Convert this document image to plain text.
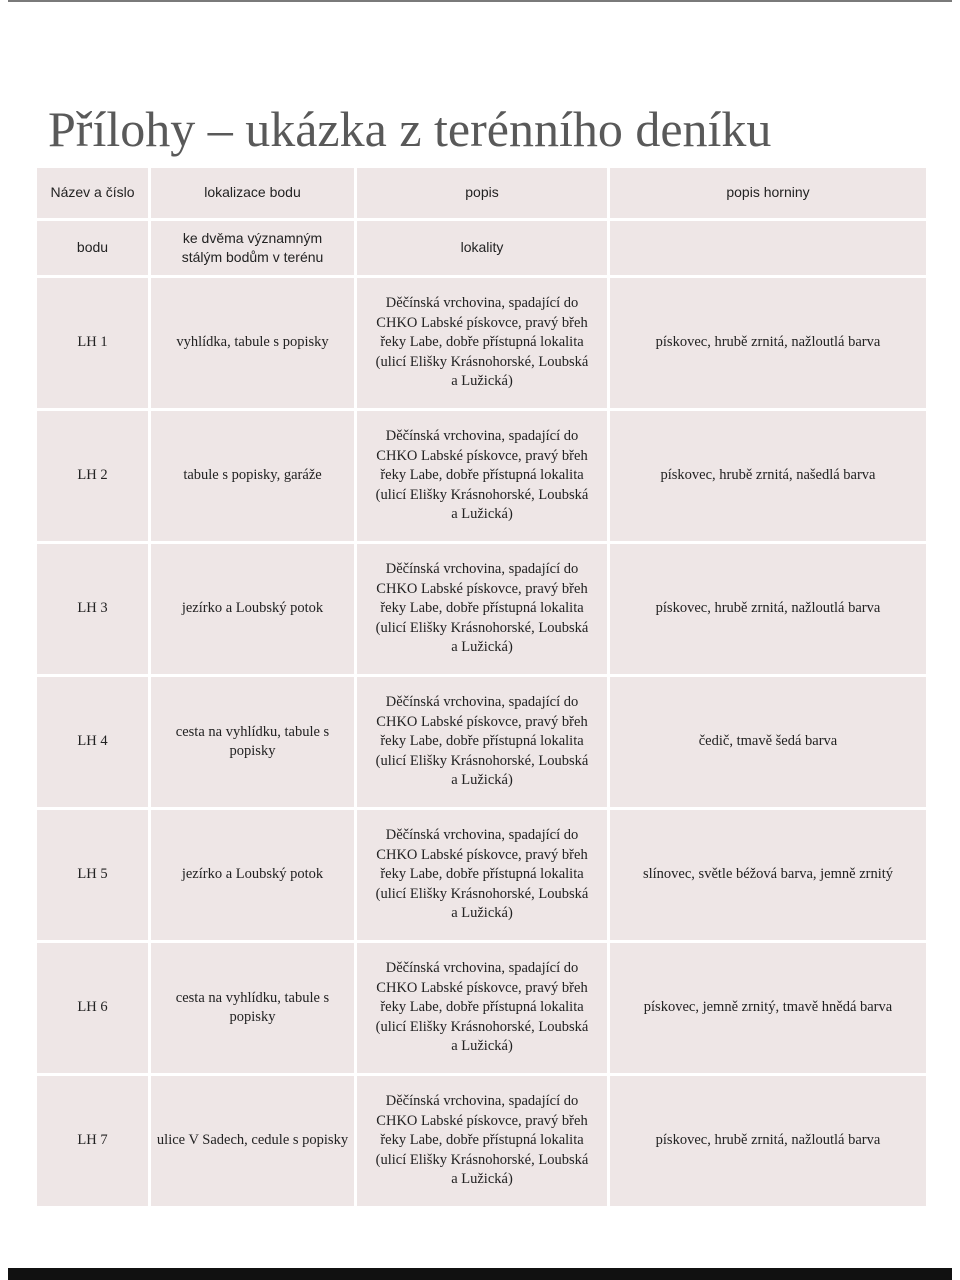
Přílohy – ukázka z terénního deníku
Název a číslo	lokalizace bodu	popis	popis horniny
bodu	ke dvěma významným
stálým bodům v terénu	lokality	
LH 1	vyhlídka, tabule s popisky	Děčínská vrchovina, spadající do
CHKO Labské pískovce, pravý břeh
řeky Labe, dobře přístupná lokalita
(ulicí Elišky Krásnohorské, Loubská
a Lužická)	pískovec, hrubě zrnitá, nažloutlá barva
LH 2	tabule s popisky, garáže	Děčínská vrchovina, spadající do
CHKO Labské pískovce, pravý břeh
řeky Labe, dobře přístupná lokalita
(ulicí Elišky Krásnohorské, Loubská
a Lužická)	pískovec, hrubě zrnitá, našedlá barva
LH 3	jezírko a Loubský potok	Děčínská vrchovina, spadající do
CHKO Labské pískovce, pravý břeh
řeky Labe, dobře přístupná lokalita
(ulicí Elišky Krásnohorské, Loubská
a Lužická)	pískovec, hrubě zrnitá, nažloutlá barva
LH 4	cesta na vyhlídku, tabule s popisky	Děčínská vrchovina, spadající do
CHKO Labské pískovce, pravý břeh
řeky Labe, dobře přístupná lokalita
(ulicí Elišky Krásnohorské, Loubská
a Lužická)	čedič, tmavě šedá barva
LH 5	jezírko a Loubský potok	Děčínská vrchovina, spadající do
CHKO Labské pískovce, pravý břeh
řeky Labe, dobře přístupná lokalita
(ulicí Elišky Krásnohorské, Loubská
a Lužická)	slínovec, světle béžová barva, jemně zrnitý
LH 6	cesta na vyhlídku, tabule s popisky	Děčínská vrchovina, spadající do
CHKO Labské pískovce, pravý břeh
řeky Labe, dobře přístupná lokalita
(ulicí Elišky Krásnohorské, Loubská
a Lužická)	pískovec, jemně zrnitý, tmavě hnědá barva
LH 7	ulice V Sadech, cedule s popisky	Děčínská vrchovina, spadající do
CHKO Labské pískovce, pravý břeh
řeky Labe, dobře přístupná lokalita
(ulicí Elišky Krásnohorské, Loubská
a Lužická)	pískovec, hrubě zrnitá, nažloutlá barva
